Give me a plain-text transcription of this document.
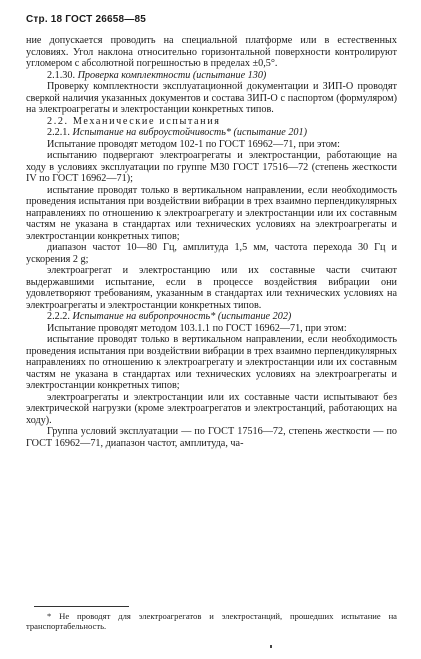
Стр. 18 ГОСТ 26658—85

ние допускается проводить на специальной платформе или в естественных условиях. Угол наклона относительно горизонтальной поверхности контролируют угломером с абсолютной погрешностью в пределах ±0,5°.

2.1.30. Проверка комплектности (испытание 130)

Проверку комплектности эксплуатационной документации и ЗИП-О проводят сверкой наличия указанных документов и состава ЗИП-О с паспортом (формуляром) на электроагрегаты и электростанции конкретных типов.

2.2. Механические испытания

2.2.1. Испытание на виброустойчивость* (испытание 201)

Испытание проводят методом 102-1 по ГОСТ 16962—71, при этом:

испытанию подвергают электроагрегаты и электростанции, работающие на ходу в условиях эксплуатации по группе М30 ГОСТ 17516—72 (степень жесткости IV по ГОСТ 16962—71);

испытание проводят только в вертикальном направлении, если необходимость проведения испытания при воздействии вибрации в трех взаимно перпендикулярных направлениях по отношению к электроагрегату и электростанции или их составным частям не указана в стандартах или технических условиях на электроагрегаты и электростанции конкретных типов;

диапазон частот 10—80 Гц, амплитуда 1,5 мм, частота перехода 30 Гц и ускорения 2 g;

электроагрегат и электростанцию или их составные части считают выдержавшими испытание, если в процессе воздействия вибрации они удовлетворяют требованиям, указанным в стандартах или технических условиях на электроагрегаты и электростанции конкретных типов.

2.2.2. Испытание на вибропрочность* (испытание 202)

Испытание проводят методом 103.1.1 по ГОСТ 16962—71, при этом:

испытание проводят только в вертикальном направлении, если необходимость проведения испытания при воздействии вибрации в трех взаимно перпендикулярных направлениях по отношению к электроагрегату и электростанции или их составным частям не указана в стандартах или технических условиях на электроагрегаты и электростанции конкретных типов;

электроагрегаты и электростанции или их составные части испытывают без электрической нагрузки (кроме электроагрегатов и электростанций, работающих на ходу).

Группа условий эксплуатации — по ГОСТ 17516—72, степень жесткости — по ГОСТ 16962—71, диапазон частот, амплитуда, ча-

* Не проводят для электроагрегатов и электростанций, прошедших испытание на транспортабельность.
